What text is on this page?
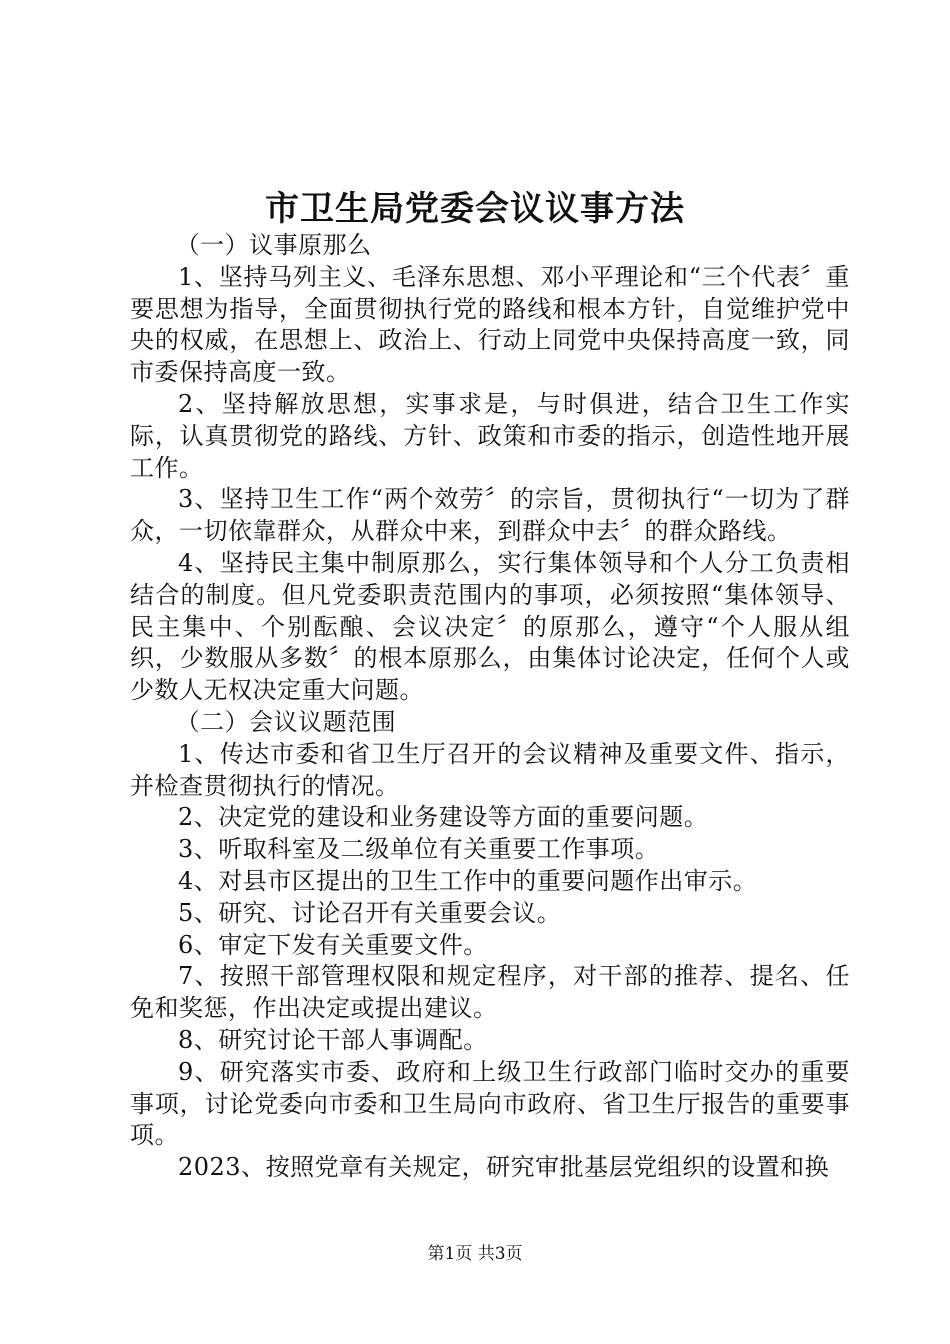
市卫生局党委会议议事方法

（一）议事原那么

1、坚持马列主义、毛泽东思想、邓小平理论和“三个代表〞重要思想为指导，全面贯彻执行党的路线和根本方针，自觉维护党中央的权威，在思想上、政治上、行动上同党中央保持高度一致，同市委保持高度一致。

2、坚持解放思想，实事求是，与时俱进，结合卫生工作实际，认真贯彻党的路线、方针、政策和市委的指示，创造性地开展工作。

3、坚持卫生工作“两个效劳〞的宗旨，贯彻执行“一切为了群众，一切依靠群众，从群众中来，到群众中去〞的群众路线。

4、坚持民主集中制原那么，实行集体领导和个人分工负责相结合的制度。但凡党委职责范围内的事项，必须按照“集体领导、民主集中、个别酝酿、会议决定〞的原那么，遵守“个人服从组织，少数服从多数〞的根本原那么，由集体讨论决定，任何个人或少数人无权决定重大问题。

（二）会议议题范围

1、传达市委和省卫生厅召开的会议精神及重要文件、指示，并检查贯彻执行的情况。

2、决定党的建设和业务建设等方面的重要问题。

3、听取科室及二级单位有关重要工作事项。

4、对县市区提出的卫生工作中的重要问题作出审示。

5、研究、讨论召开有关重要会议。

6、审定下发有关重要文件。

7、按照干部管理权限和规定程序，对干部的推荐、提名、任免和奖惩，作出决定或提出建议。

8、研究讨论干部人事调配。

9、研究落实市委、政府和上级卫生行政部门临时交办的重要事项，讨论党委向市委和卫生局向市政府、省卫生厅报告的重要事项。

2023、按照党章有关规定，研究审批基层党组织的设置和换

第1页 共3页
